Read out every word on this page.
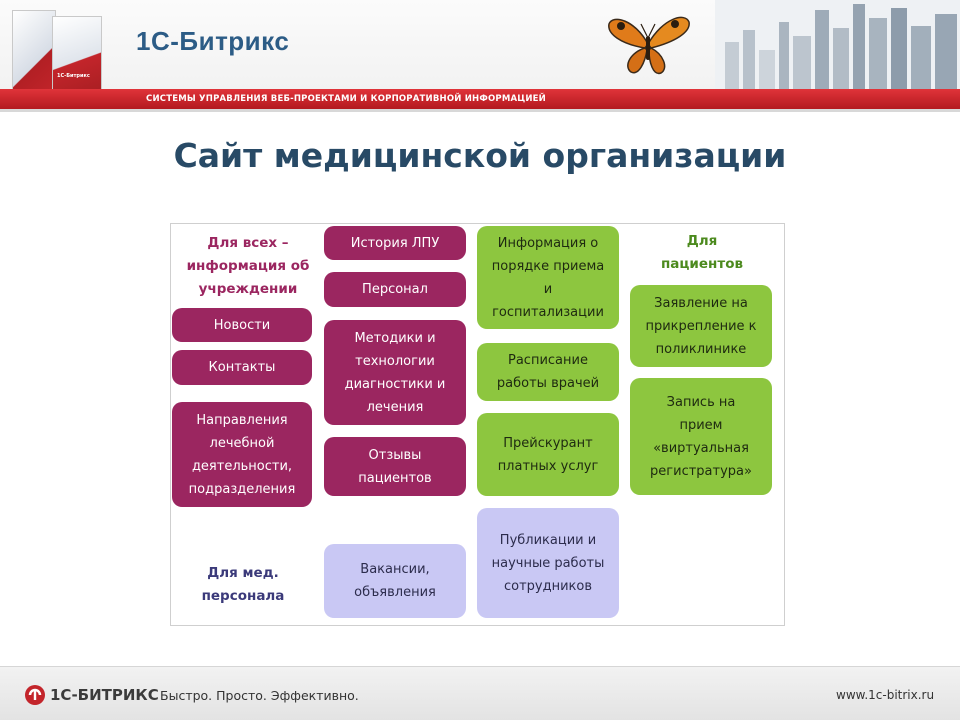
1С-Битрикс
1С-Битрикс
СИСТЕМЫ УПРАВЛЕНИЯ ВЕБ-ПРОЕКТАМИ И КОРПОРАТИВНОЙ ИНФОРМАЦИЕЙ
Сайт медицинской организации
Для всех –
информация об
учреждении
Для
пациентов
Для мед.
персонала
Новости
Контакты
Направления
лечебной
деятельности,
подразделения
История ЛПУ
Персонал
Методики и
технологии
диагностики и
лечения
Отзывы
пациентов
Вакансии,
объявления
Информация о
порядке приема
и
госпитализации
Расписание
работы врачей
Прейскурант
платных услуг
Публикации и
научные работы
сотрудников
Заявление на
прикрепление к
поликлинике
Запись на
прием
«виртуальная
регистратура»
1С-БИТРИКС Быстро. Просто. Эффективно.	www.1c-bitrix.ru
